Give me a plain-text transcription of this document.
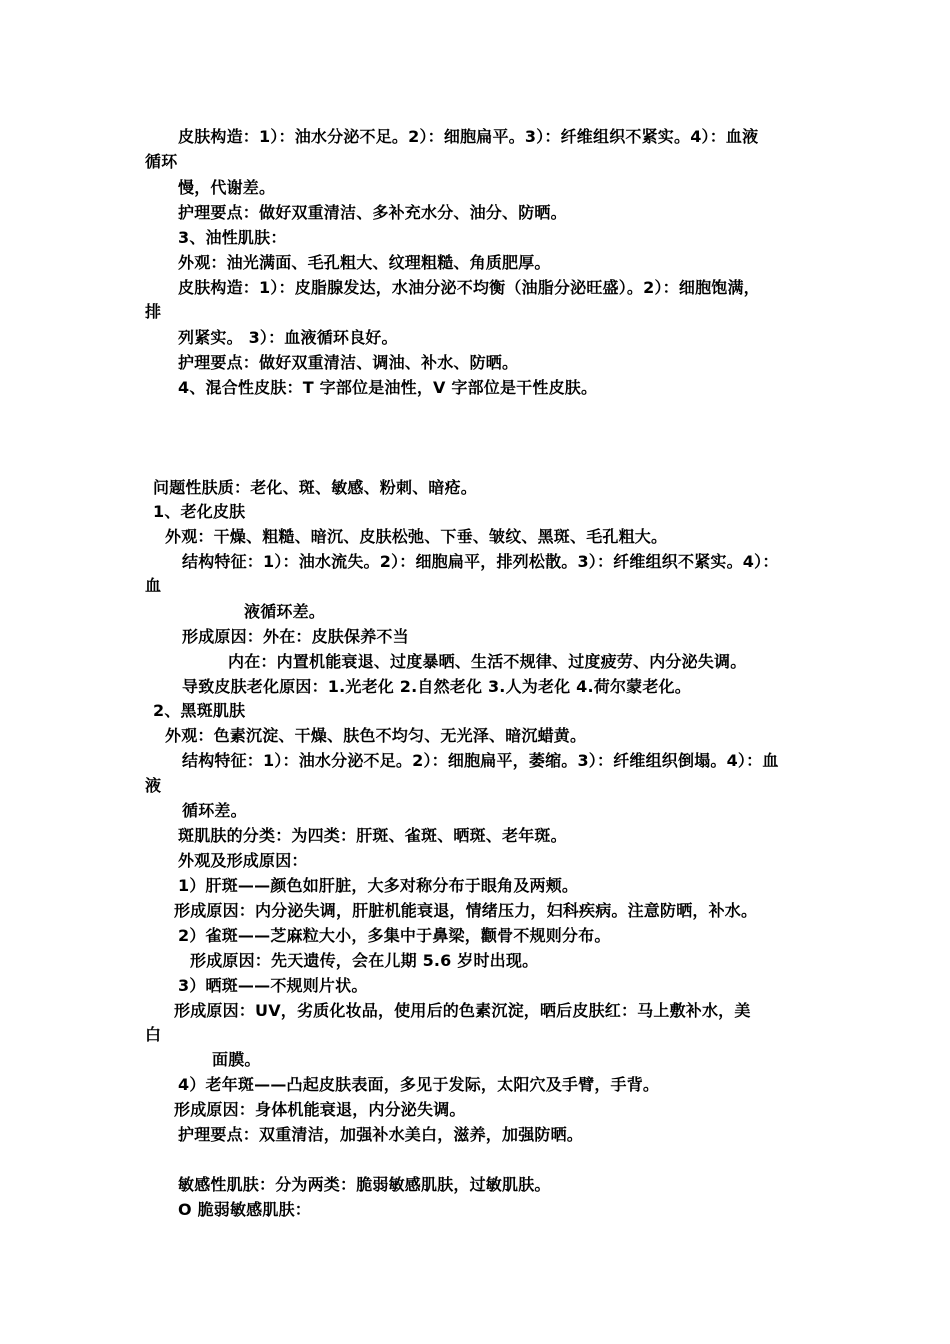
皮肤构造：1）：油水分泌不足。2）：细胞扁平。3）：纤维组织不紧实。4）：血液
循环
慢，代谢差。
护理要点：做好双重清洁、多补充水分、油分、防晒。
3、油性肌肤：
外观：油光满面、毛孔粗大、纹理粗糙、角质肥厚。
皮肤构造：1）：皮脂腺发达，水油分泌不均衡（油脂分泌旺盛）。2）：细胞饱满，
排
列紧实。 3）：血液循环良好。
护理要点：做好双重清洁、调油、补水、防晒。
4、混合性皮肤：T 字部位是油性，V 字部位是干性皮肤。
问题性肤质：老化、斑、敏感、粉刺、暗疮。
1、老化皮肤
外观：干燥、粗糙、暗沉、皮肤松弛、下垂、皱纹、黑斑、毛孔粗大。
结构特征：1）：油水流失。2）：细胞扁平，排列松散。3）：纤维组织不紧实。4）：
血
液循环差。
形成原因：外在：皮肤保养不当
内在：内置机能衰退、过度暴晒、生活不规律、过度疲劳、内分泌失调。
导致皮肤老化原因：1.光老化 2.自然老化 3.人为老化 4.荷尔蒙老化。
2、黑斑肌肤
外观：色素沉淀、干燥、肤色不均匀、无光泽、暗沉蜡黄。
结构特征：1）：油水分泌不足。2）：细胞扁平，萎缩。3）：纤维组织倒塌。4）：血
液
循环差。
斑肌肤的分类：为四类：肝斑、雀斑、晒斑、老年斑。
外观及形成原因：
1）肝斑——颜色如肝脏，大多对称分布于眼角及两颊。
形成原因：内分泌失调，肝脏机能衰退，情绪压力，妇科疾病。注意防晒，补水。
2）雀斑——芝麻粒大小，多集中于鼻梁，颧骨不规则分布。
形成原因：先天遗传，会在儿期 5.6 岁时出现。
3）晒斑——不规则片状。
形成原因：UV，劣质化妆品，使用后的色素沉淀，晒后皮肤红：马上敷补水，美
白
面膜。
4）老年斑——凸起皮肤表面，多见于发际，太阳穴及手臂，手背。
形成原因：身体机能衰退，内分泌失调。
护理要点：双重清洁，加强补水美白，滋养，加强防晒。
敏感性肌肤：分为两类：脆弱敏感肌肤，过敏肌肤。
O 脆弱敏感肌肤：
